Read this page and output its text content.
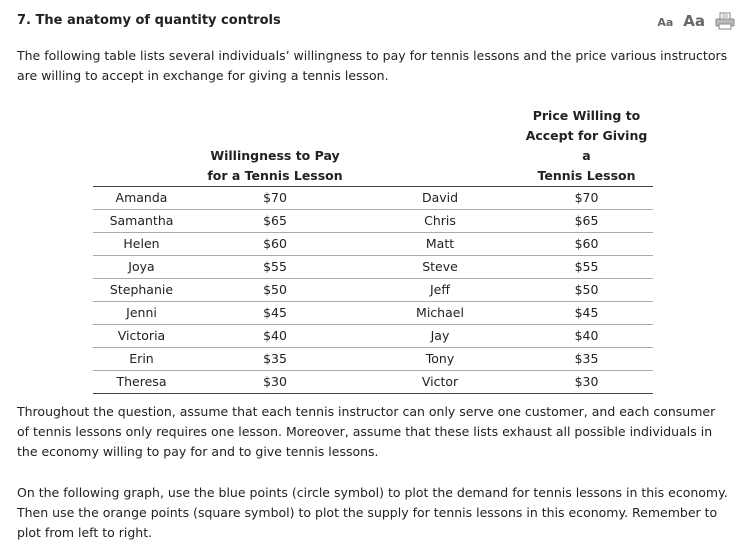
7. The anatomy of quantity controls	Aa Aa

The following table lists several individuals’ willingness to pay for tennis lessons and the price various instructors are willing to accept in exchange for giving a tennis lesson.

	Willingness to Pay
for a Tennis Lesson		Price Willing to
Accept for Giving a
Tennis Lesson

Amanda	$70	David	$70
Samantha	$65	Chris	$65
Helen	$60	Matt	$60
Joya	$55	Steve	$55
Stephanie	$50	Jeff	$50
Jenni	$45	Michael	$45
Victoria	$40	Jay	$40
Erin	$35	Tony	$35
Theresa	$30	Victor	$30

Throughout the question, assume that each tennis instructor can only serve one customer, and each consumer of tennis lessons only requires one lesson. Moreover, assume that these lists exhaust all possible individuals in the economy willing to pay for and to give tennis lessons.

On the following graph, use the blue points (circle symbol) to plot the demand for tennis lessons in this economy. Then use the orange points (square symbol) to plot the supply for tennis lessons in this economy. Remember to plot from left to right.
